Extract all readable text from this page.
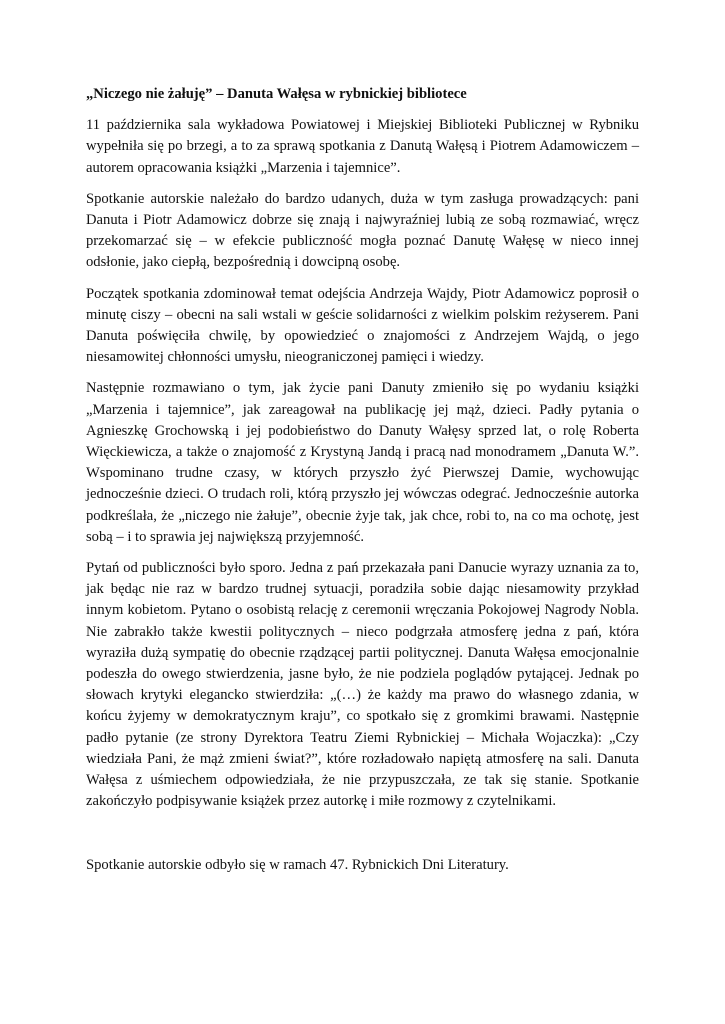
„Niczego nie żałuję” – Danuta Wałęsa w rybnickiej bibliotece

11 października sala wykładowa Powiatowej i Miejskiej Biblioteki Publicznej w Rybniku wypełniła się po brzegi, a to za sprawą spotkania z Danutą Wałęsą i Piotrem Adamowiczem – autorem opracowania książki „Marzenia i tajemnice”.

Spotkanie autorskie należało do bardzo udanych, duża w tym zasługa prowadzących: pani Danuta i Piotr Adamowicz dobrze się znają i najwyraźniej lubią ze sobą rozmawiać, wręcz przekomarzać się – w efekcie publiczność mogła poznać Danutę Wałęsę w nieco innej odsłonie, jako ciepłą, bezpośrednią i dowcipną osobę.

Początek spotkania zdominował temat odejścia Andrzeja Wajdy, Piotr Adamowicz poprosił o minutę ciszy – obecni na sali wstali w geście solidarności z wielkim polskim reżyserem. Pani Danuta poświęciła chwilę, by opowiedzieć o znajomości z Andrzejem Wajdą, o jego niesamowitej chłonności umysłu, nieograniczonej pamięci i wiedzy.

Następnie rozmawiano o tym, jak życie pani Danuty zmieniło się po wydaniu książki „Marzenia i tajemnice”, jak zareagował na publikację jej mąż, dzieci. Padły pytania o Agnieszkę Grochowską i jej podobieństwo do Danuty Wałęsy sprzed lat, o rolę Roberta Więckiewicza, a także o znajomość z Krystyną Jandą i pracą nad monodramem „Danuta W.”. Wspominano trudne czasy, w których przyszło żyć Pierwszej Damie, wychowując jednocześnie dzieci. O trudach roli, którą przyszło jej wówczas odegrać. Jednocześnie autorka podkreślała, że „niczego nie żałuje”, obecnie żyje tak, jak chce, robi to, na co ma ochotę, jest sobą – i to sprawia jej największą przyjemność.

Pytań od publiczności było sporo. Jedna z pań przekazała pani Danucie wyrazy uznania za to, jak będąc nie raz w bardzo trudnej sytuacji, poradziła sobie dając niesamowity przykład innym kobietom. Pytano o osobistą relację z ceremonii wręczania Pokojowej Nagrody Nobla. Nie zabrakło także kwestii politycznych – nieco podgrzała atmosferę jedna z pań, która wyraziła dużą sympatię do obecnie rządzącej partii politycznej. Danuta Wałęsa emocjonalnie podeszła do owego stwierdzenia, jasne było, że nie podziela poglądów pytającej. Jednak po słowach krytyki elegancko stwierdziła: „(…) że każdy ma prawo do własnego zdania, w końcu żyjemy w demokratycznym kraju”, co spotkało się z gromkimi brawami. Następnie padło pytanie (ze strony Dyrektora Teatru Ziemi Rybnickiej – Michała Wojaczka): „Czy wiedziała Pani, że mąż zmieni świat?”, które rozładowało napiętą atmosferę na sali. Danuta Wałęsa z uśmiechem odpowiedziała, że nie przypuszczała, ze tak się stanie. Spotkanie zakończyło podpisywanie książek przez autorkę i miłe rozmowy z czytelnikami.

Spotkanie autorskie odbyło się w ramach 47. Rybnickich Dni Literatury.
